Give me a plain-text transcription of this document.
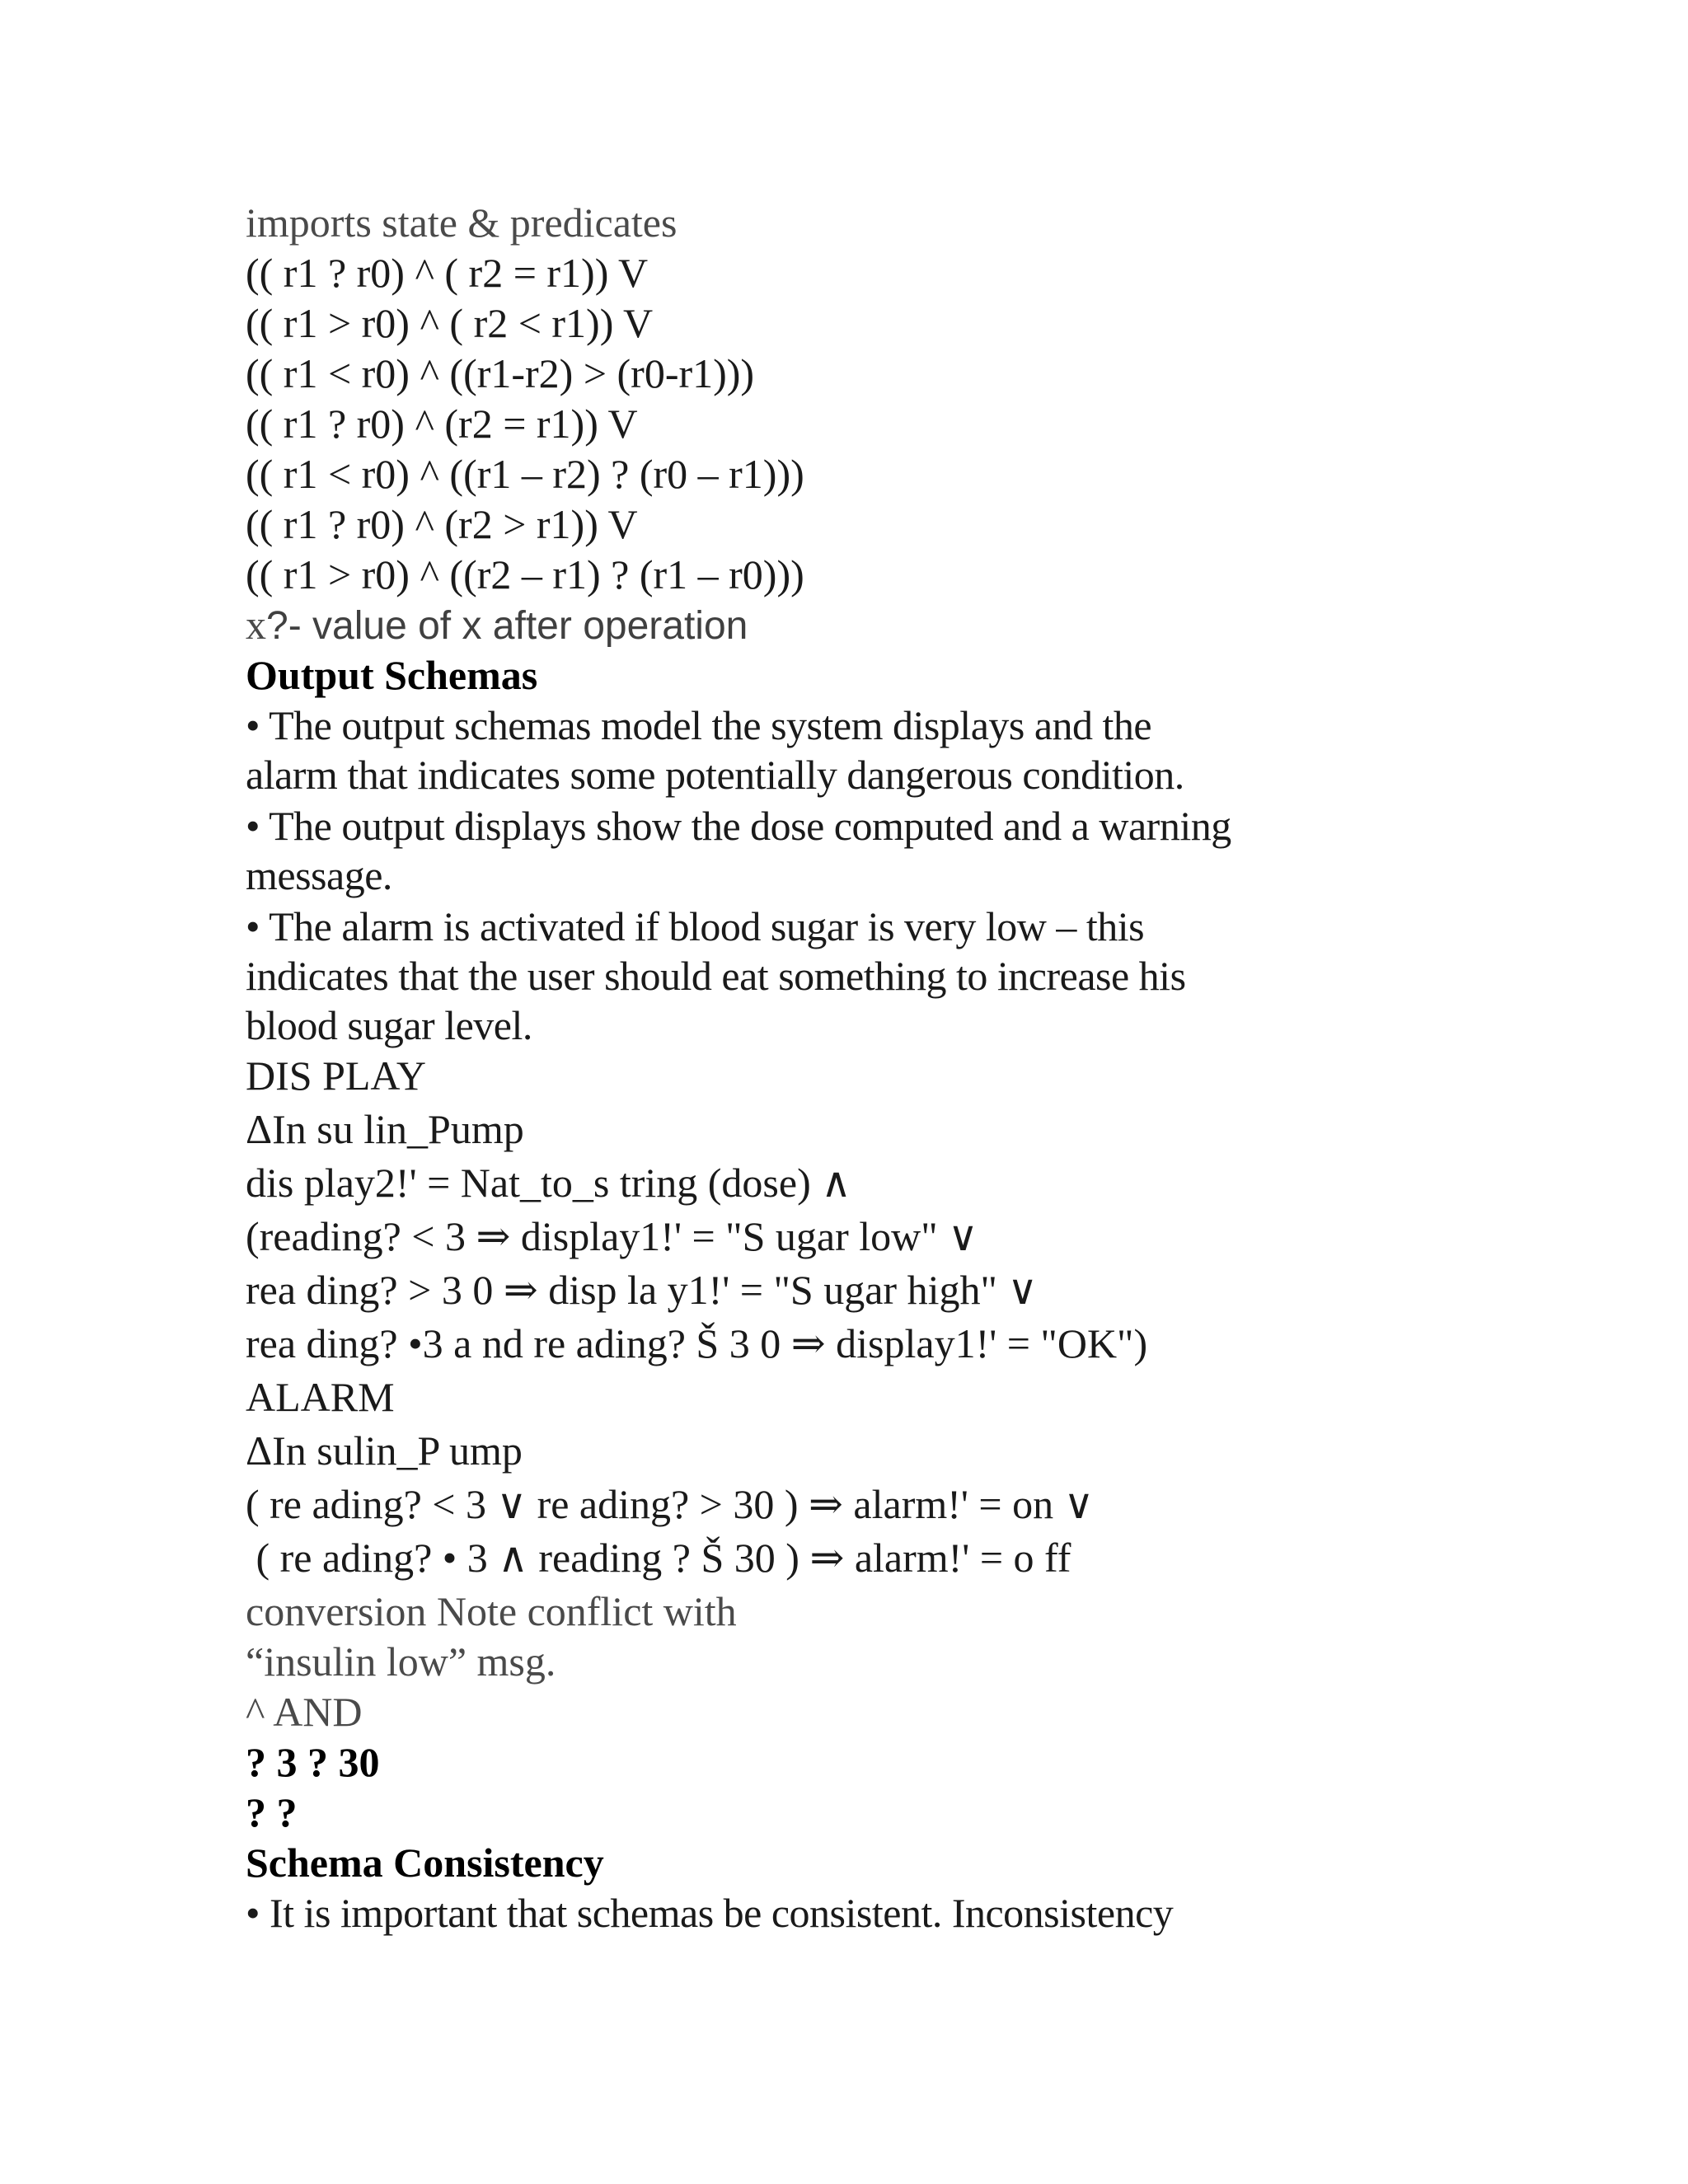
imports state & predicates
(( r1 ? r0) ^ ( r2 = r1)) V
(( r1 > r0) ^ ( r2 < r1)) V
(( r1 < r0) ^ ((r1-r2) > (r0-r1)))
(( r1 ? r0) ^ (r2 = r1)) V
(( r1 < r0) ^ ((r1 – r2) ? (r0 – r1)))
(( r1 ? r0) ^ (r2 > r1)) V
(( r1 > r0) ^ ((r2 – r1) ? (r1 – r0)))
x?- value of x after operation
Output Schemas
• The output schemas model the system displays and the
alarm that indicates some potentially dangerous condition.
• The output displays show the dose computed and a warning
message.
• The alarm is activated if blood sugar is very low – this
indicates that the user should eat something to increase his
blood sugar level.
DIS PLAY
ΔIn su lin_Pump
dis play2!' = Nat_to_s tring (dose) ∧
(reading? < 3 ⇒ display1!' = "S ugar low" ∨
rea ding? > 3 0 ⇒ disp la y1!' = "S ugar high" ∨
rea ding? •3 a nd re ading? Š 3 0 ⇒ display1!' = "OK")
ALARM
ΔIn sulin_P ump
( re ading? < 3 ∨ re ading? > 30 ) ⇒ alarm!' = on ∨
( re ading? • 3 ∧ reading ? Š 30 ) ⇒ alarm!' = o ff
conversion Note conflict with
“insulin low” msg.
^ AND
? 3 ? 30
? ?
Schema Consistency
• It is important that schemas be consistent. Inconsistency
